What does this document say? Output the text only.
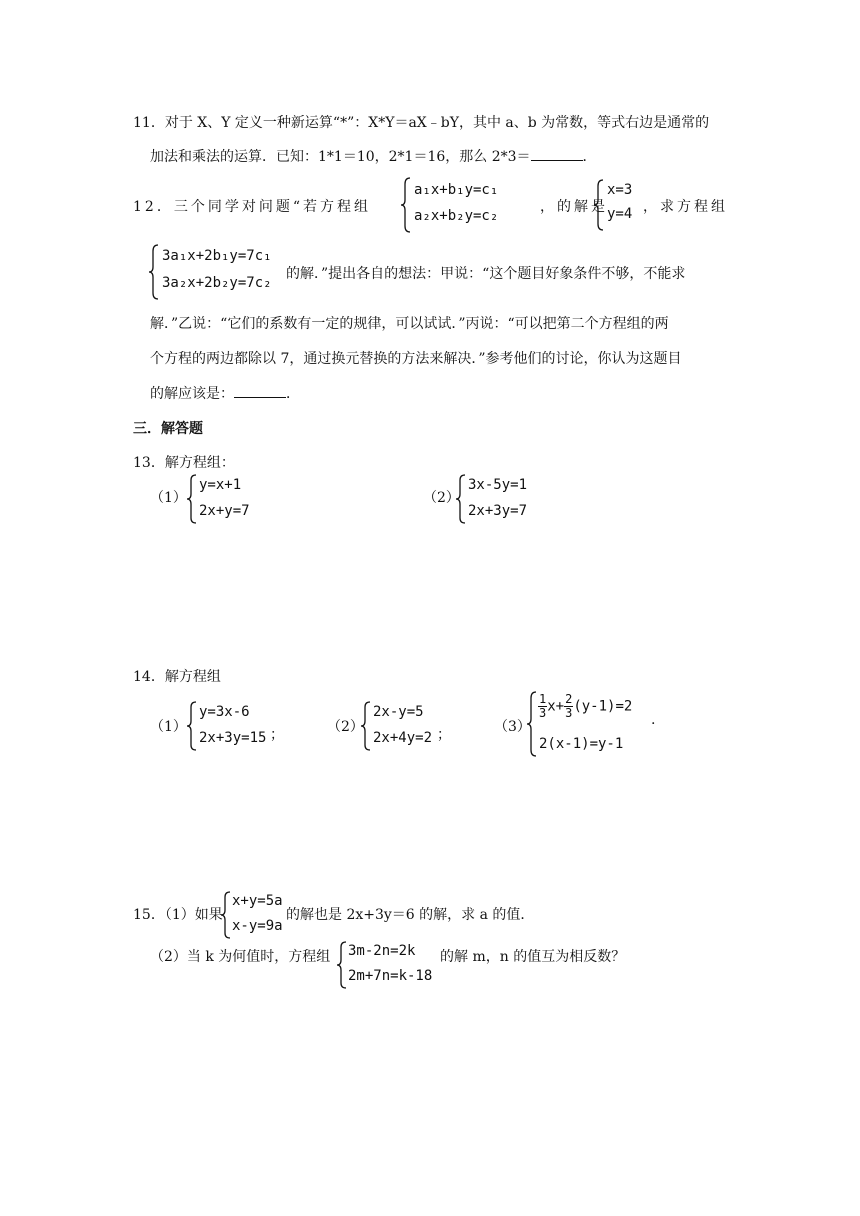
11．对于 X、Y 定义一种新运算“*”：X*Y＝aX﹣bY，其中 a、b 为常数，等式右边是通常的
加法和乘法的运算．已知：1*1＝10，2*1＝16，那么 2*3＝	．
12．三个同学对问题“若方程组
a₁x+b₁y=c₁
a₂x+b₂y=c₂
，的解是
x=3
y=4 ，求方程组
3a₁x+2b₁y=7c₁
3a₂x+2b₂y=7c₂
的解．”提出各自的想法：甲说：“这个题目好象条件不够，不能求
解．”乙说：“它们的系数有一定的规律，可以试试．”丙说：“可以把第二个方程组的两
个方程的两边都除以 7，通过换元替换的方法来解决．”参考他们的讨论，你认为这题目
的解应该是：	．
三．解答题
13．解方程组：
（1）
y=x+1
2x+y=7
（2）
3x-5y=1
2x+3y=7
14．解方程组
（1）
y=3x-6
2x+3y=15 ；	（2）
2x-y=5
2x+4y=2 ；	（3）
$\frac{1}{3} x+ \frac{2}{3} (y-1)=2$
2(x-1)=y-1
.
15．（1）如果
x+y=5a
x-y=9a
的解也是 2x+3y＝6 的解，求 a 的值．
（2）当 k 为何值时，方程组 3m-2n=2k
2m+7n=k-18
的解 m，n 的值互为相反数？
